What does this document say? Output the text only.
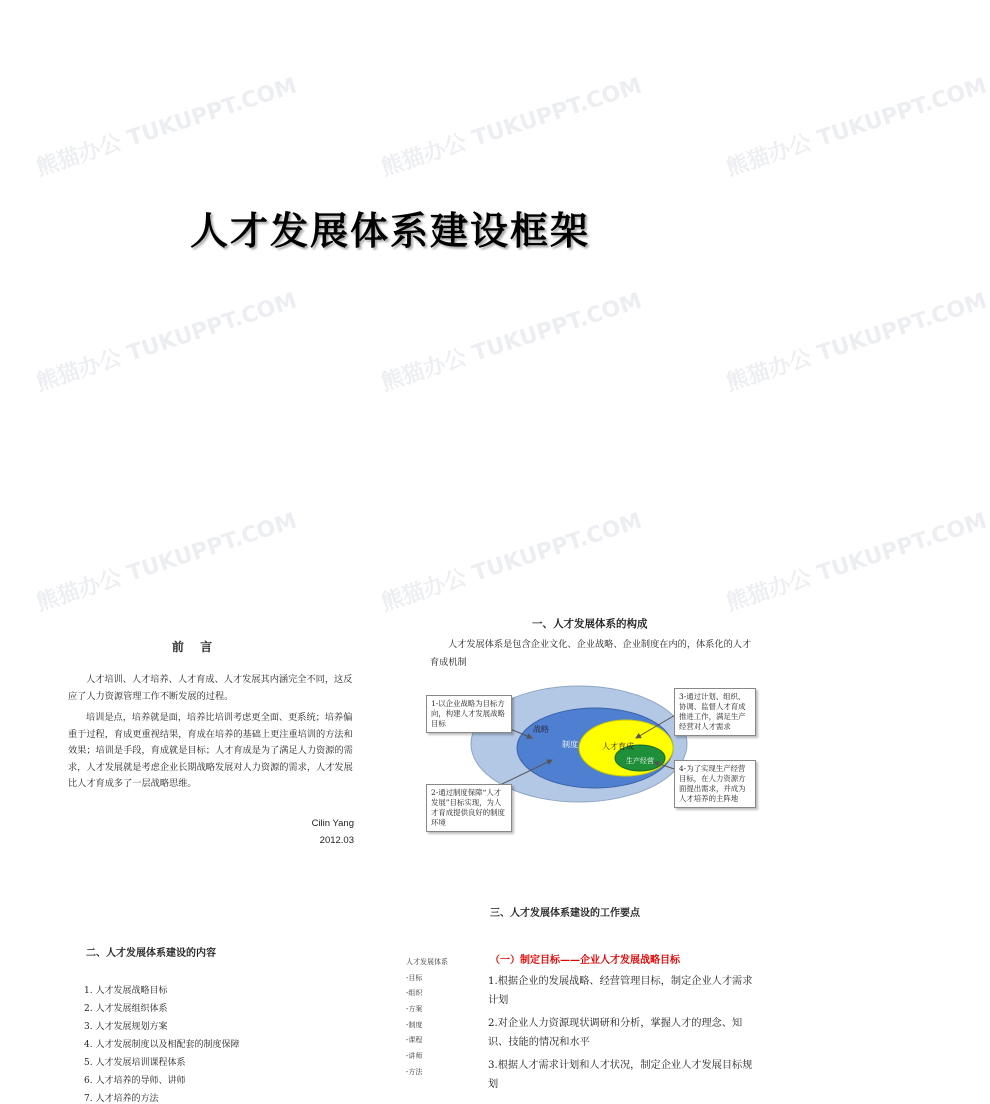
熊猫办公 TUKUPPT.COM	熊猫办公 TUKUPPT.COM
熊猫办公 TUKUPPT.COM	熊猫办公 TUKUPPT.COM
熊猫办公 TUKUPPT.COM	熊猫办公 TUKUPPT.COM
熊猫办公 TUKUPPT.COM
熊猫办公 TUKUPPT.COM
熊猫办公 TUKUPPT.COM
人才发展体系建设框架
前 言
人才培训、人才培养、人才育成、人才发展其内涵完全不同，这反应了人力资源管理工作不断发展的过程。
培训是点，培养就是面，培养比培训考虑更全面、更系统；培养偏重于过程，育成更重视结果，育成在培养的基础上更注重培训的方法和效果；培训是手段，育成就是目标；人才育成是为了满足人力资源的需求，人才发展就是考虑企业长期战略发展对人力资源的需求，人才发展比人才育成多了一层战略思维。
Cilin Yang
2012.03
一、人才发展体系的构成
人才发展体系是包含企业文化、企业战略、企业制度在内的，体系化的人才育成机制
战略
制度	人才育成
生产经营
1-以企业战略为目标方向，构建人才发展战略目标
2-通过制度保障“人才发展”目标实现，为人才育成提供良好的制度环境
3-通过计划、组织、协调、监督人才育成推进工作，满足生产经营对人才需求
4-为了实现生产经营目标，在人力资源方面提出需求，并成为人才培养的主阵地
二、人才发展体系建设的内容
1. 人才发展战略目标
2. 人才发展组织体系
3. 人才发展规划方案
4. 人才发展制度以及相配套的制度保障
5. 人才发展培训课程体系
6. 人才培养的导师、讲师
7. 人才培养的方法
三、人才发展体系建设的工作要点
人才发展体系
-目标
-组织
-方案
-制度
-课程
-讲师
-方法
（一）制定目标——企业人才发展战略目标
1.根据企业的发展战略、经营管理目标，制定企业人才需求计划
2.对企业人力资源现状调研和分析，掌握人才的理念、知识、技能的情况和水平
3.根据人才需求计划和人才状况，制定企业人才发展目标规划
